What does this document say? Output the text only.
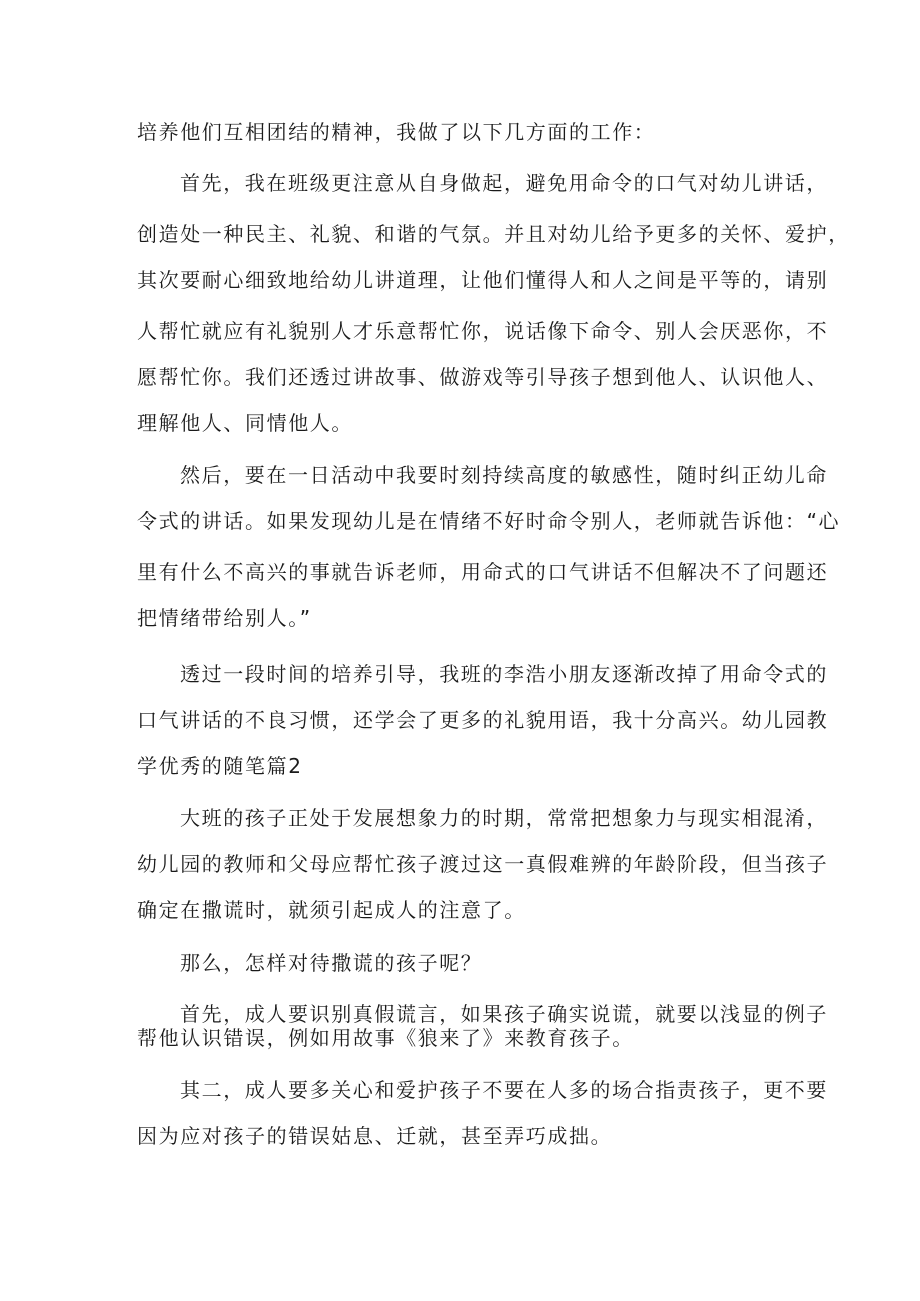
培养他们互相团结的精神，我做了以下几方面的工作：
首先，我在班级更注意从自身做起，避免用命令的口气对幼儿讲话，
创造处一种民主、礼貌、和谐的气氛。并且对幼儿给予更多的关怀、爱护，
其次要耐心细致地给幼儿讲道理，让他们懂得人和人之间是平等的，请别
人帮忙就应有礼貌别人才乐意帮忙你，说话像下命令、别人会厌恶你，不
愿帮忙你。我们还透过讲故事、做游戏等引导孩子想到他人、认识他人、
理解他人、同情他人。
然后，要在一日活动中我要时刻持续高度的敏感性，随时纠正幼儿命
令式的讲话。如果发现幼儿是在情绪不好时命令别人，老师就告诉他：“心
里有什么不高兴的事就告诉老师，用命式的口气讲话不但解决不了问题还
把情绪带给别人。”
透过一段时间的培养引导，我班的李浩小朋友逐渐改掉了用命令式的
口气讲话的不良习惯，还学会了更多的礼貌用语，我十分高兴。幼儿园教
学优秀的随笔篇2
大班的孩子正处于发展想象力的时期，常常把想象力与现实相混淆，
幼儿园的教师和父母应帮忙孩子渡过这一真假难辨的年龄阶段，但当孩子
确定在撒谎时，就须引起成人的注意了。
那么，怎样对待撒谎的孩子呢？
首先，成人要识别真假谎言，如果孩子确实说谎，就要以浅显的例子
帮他认识错误，例如用故事《狼来了》来教育孩子。
其二，成人要多关心和爱护孩子不要在人多的场合指责孩子，更不要
因为应对孩子的错误姑息、迁就，甚至弄巧成拙。
